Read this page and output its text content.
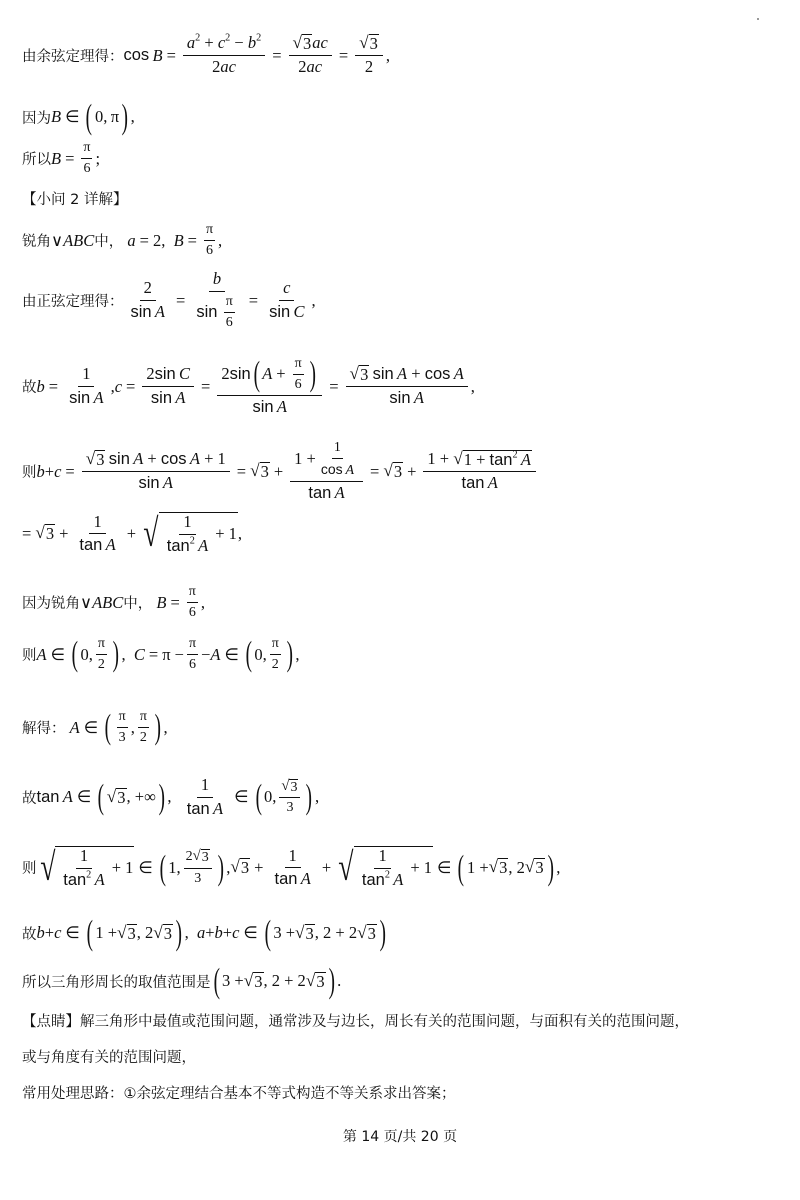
由余弦定理得： cos
  $B = \frac{a^2 + c^2 - b^2}{2ac} = \frac{√ 3 ac}{2ac} = \frac{√ 3}{2}$ ,
因为 B ∈ ( 0, π ) ,
所以 $B = \frac{\pi}{6}$ ;
【小问 2 详解】
锐角 ∨ ABC 中，
a = 2, $B = \frac{\pi}{6}$ ,
由正弦定理得： $\frac{2}{\text{sin  A}} = b$
sin
  $\frac{\pi}{6} = \frac{c}{\text{sin  C}}$ ,
故 $b = \frac{1}{\text{sin  A}}$ , $c = \frac{\text{2sin  C}}{\text{sin  A}} = \frac{2 \sin ( A + \frac{\pi}{6} )}{\text{sin  A}}$ = √ 3
  sin  A + cos  A
sin  A ,
则 b + c = √ 3
  sin  A + cos  A + 1
sin  A = √ $3 + \frac{1 + \frac{1}{\text{cos  A}}}{\text{tan  A}}$ = √ $3 + \frac{1 + √ 1 + \tan^2 A}{\text{tan  A}}$
= √ $3 + \frac{1}{\text{tan  A}}$ + √ $\frac{1}{\tan^2 A} + 1$ ,
因为锐角 ∨ ABC 中，
$B = \frac{\pi}{6}$ ,
则 A ∈ ( 0, $\frac{\pi}{2}$ ) , $C = \pi - \frac{\pi}{6} - A$ ∈ ( 0, $\frac{\pi}{2}$ ) ,
解得：
A ∈ ( $\frac{\pi}{3}$ , $\frac{\pi}{2}$ ) ,
故 tan
  A ∈ ( √ 3 , +∞ ) , $\frac{1}{\text{tan  A}}$ ∈ ( 0, $\frac{√ 3}{3}$ ) ,
则 √ $\frac{1}{\tan^2 A} + 1$ ∈ ( 1, $\frac{2 √ 3}{3}$ ) , √ $3 + \frac{1}{\text{tan  A}}$ + √ $\frac{1}{\tan^2 A} + 1$ ∈ ( 1 + √ 3 , 2 √ 3 ) ,
故 b + c ∈ ( 1 + √ 3 , 2 √ 3 ) , a + b + c ∈ ( 3 + √ 3 , 2 + 2 √ 3 )
所以三角形周长的取值范围是 ( 3 + √ 3 , 2 + 2 √ 3 ) .
【点睛】解三角形中最值或范围问题，通常涉及与边长，周长有关的范围问题，与面积有关的范围问题，
或与角度有关的范围问题，
常用处理思路：①余弦定理结合基本不等式构造不等关系求出答案；
第 14 页/共 20 页
